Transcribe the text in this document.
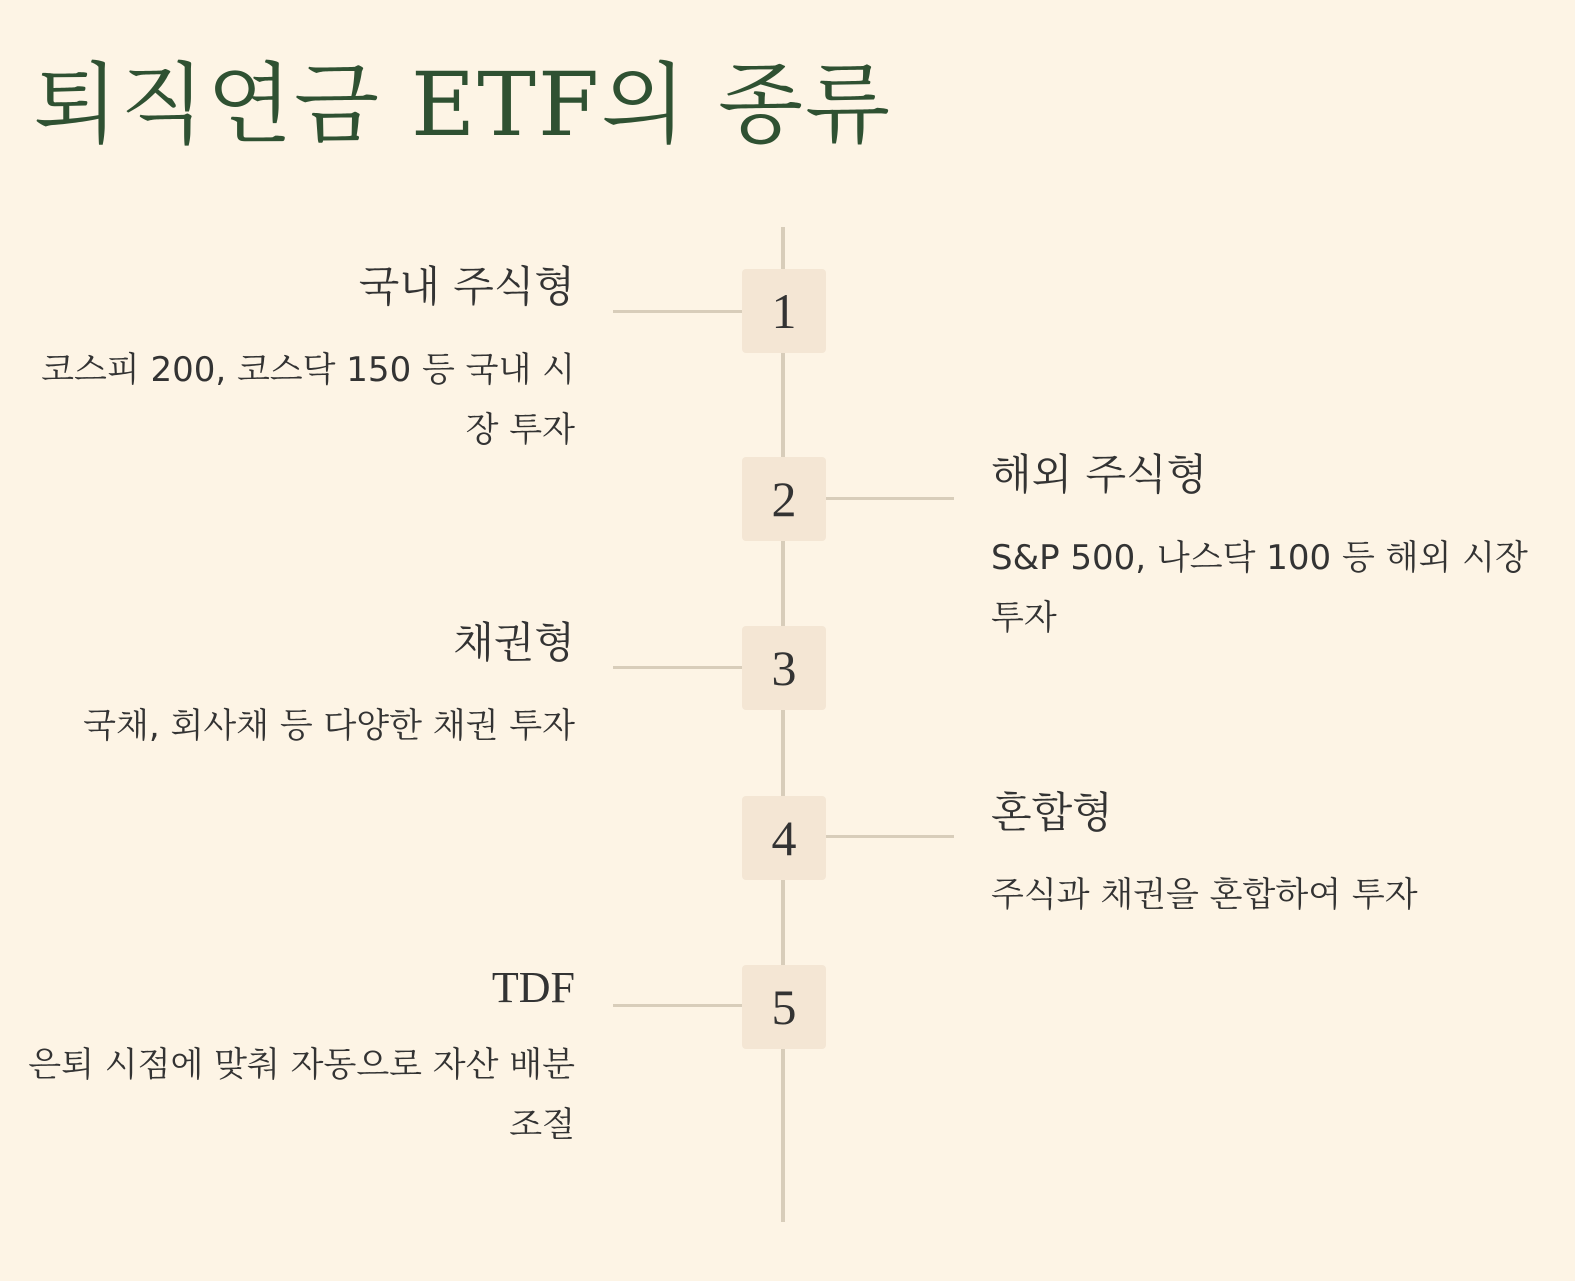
퇴직연금 ETF의 종류
1
국내 주식형

코스피 200, 코스닥 150 등 국내 시장 투자

2	해외 주식형

S&P 500, 나스닥 100 등 해외 시장 투자

3
채권형

국채, 회사채 등 다양한 채권 투자

4	혼합형

주식과 채권을 혼합하여 투자

5
TDF

은퇴 시점에 맞춰 자동으로 자산 배분 조절
